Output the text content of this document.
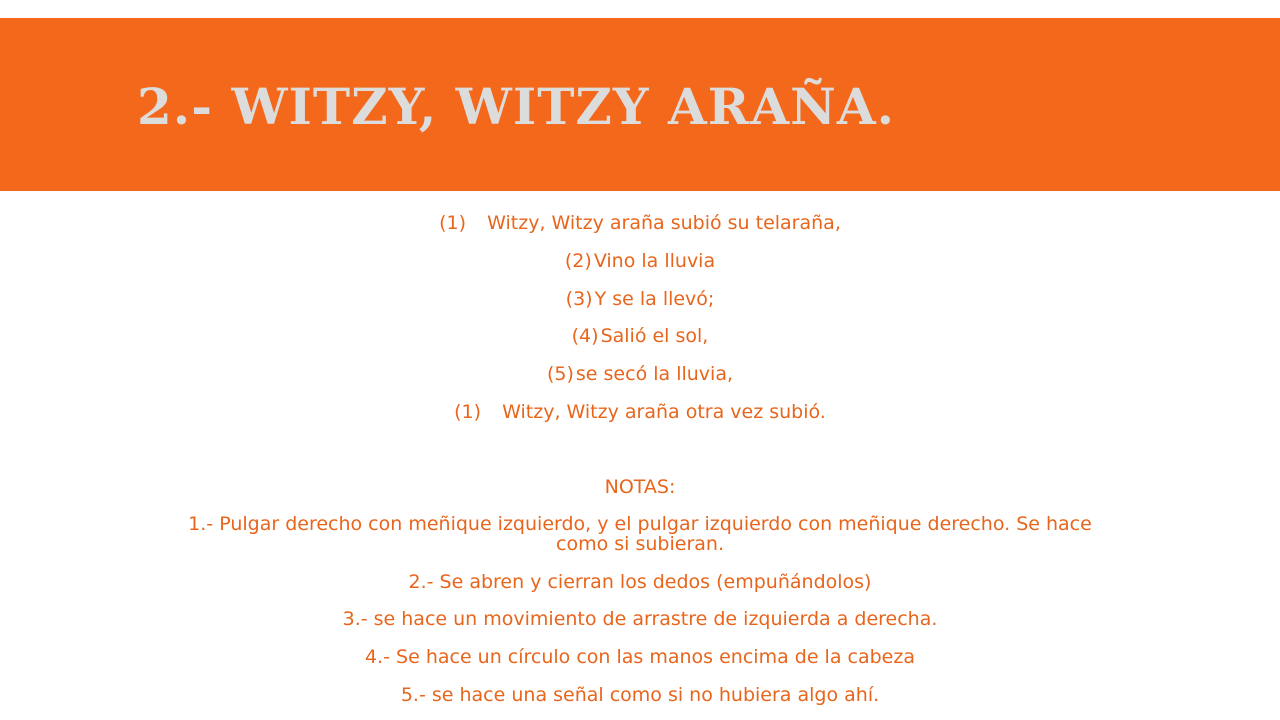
2.- WITZY, WITZY ARAÑA.
(1) Witzy, Witzy araña subió su telaraña,
(2) Vino la lluvia
(3) Y se la llevó;
(4) Salió el sol,
(5) se secó la lluvia,
(1) Witzy, Witzy araña otra vez subió.
NOTAS:
1.- Pulgar derecho con meñique izquierdo, y el pulgar izquierdo con meñique derecho. Se hace como si subieran.
2.- Se abren y cierran los dedos (empuñándolos)
3.- se hace un movimiento de arrastre de izquierda a derecha.
4.- Se hace un círculo con las manos encima de la cabeza
5.- se hace una señal como si no hubiera algo ahí.
